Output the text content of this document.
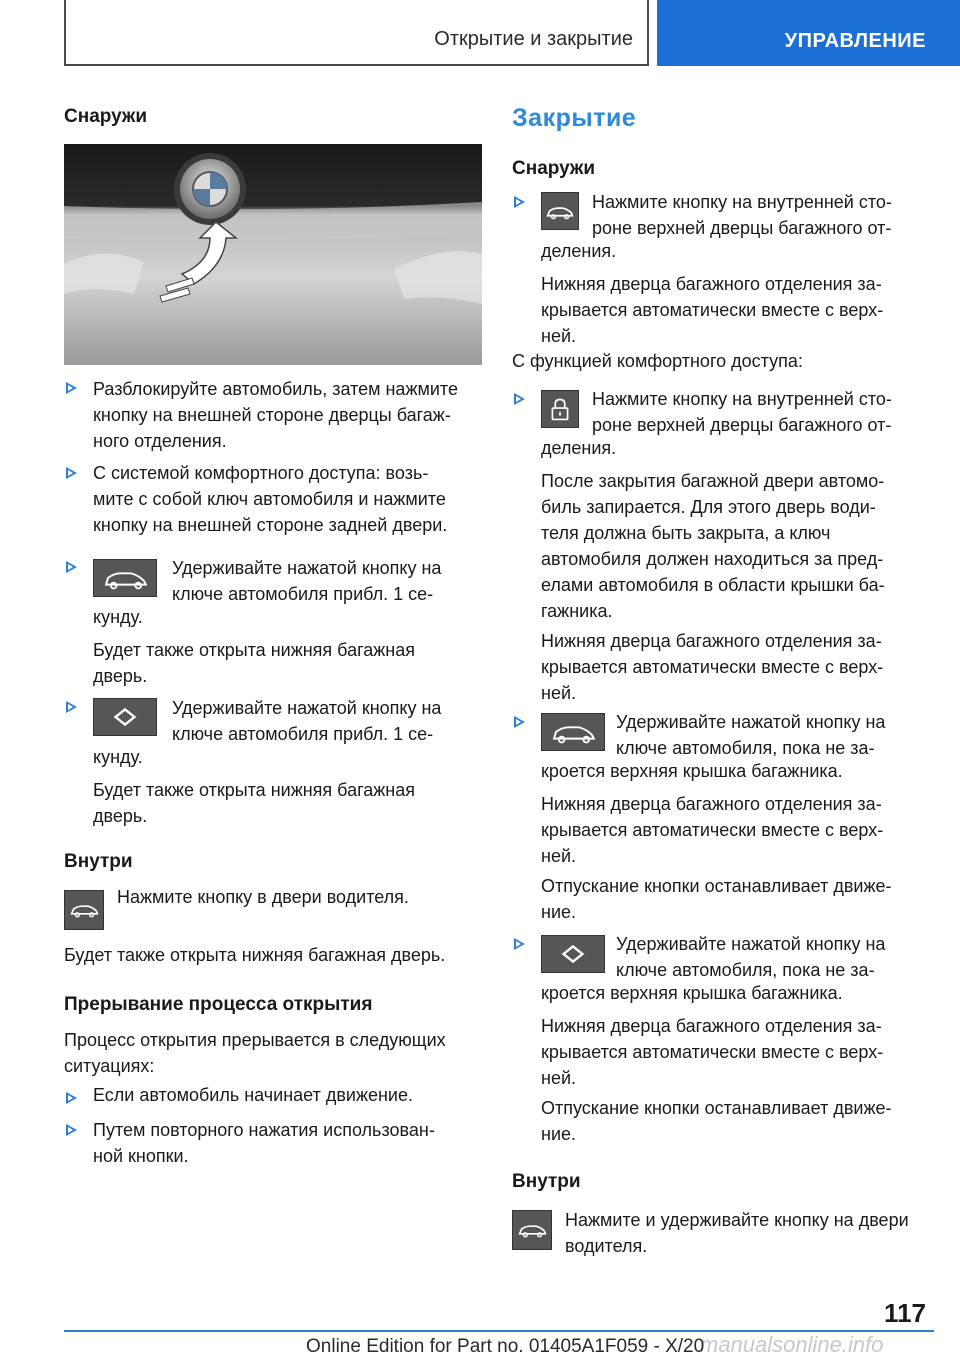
Открытие и закрытие	УПРАВЛЕНИЕ
Снаружи
Разблокируйте автомобиль, затем нажмите
кнопку на внешней стороне дверцы багаж-
ного отделения.
С системой комфортного доступа: возь-
мите с собой ключ автомобиля и нажмите
кнопку на внешней стороне задней двери.
Удерживайте нажатой кнопку на
ключе автомобиля прибл. 1 се-
кунду.
Будет также открыта нижняя багажная
дверь.
Удерживайте нажатой кнопку на
ключе автомобиля прибл. 1 се-
кунду.
Будет также открыта нижняя багажная
дверь.
Внутри
Нажмите кнопку в двери водителя.
Будет также открыта нижняя багажная дверь.
Прерывание процесса открытия
Процесс открытия прерывается в следующих
ситуациях:
Если автомобиль начинает движение.
Путем повторного нажатия использован-
ной кнопки.
Закрытие
Снаружи
Нажмите кнопку на внутренней сто-
роне верхней дверцы багажного от-
деления.
Нижняя дверца багажного отделения за-
крывается автоматически вместе с верх-
ней.
С функцией комфортного доступа:
Нажмите кнопку на внутренней сто-
роне верхней дверцы багажного от-
деления.
После закрытия багажной двери автомо-
биль запирается. Для этого дверь води-
теля должна быть закрыта, а ключ
автомобиля должен находиться за пред-
елами автомобиля в области крышки ба-
гажника.
Нижняя дверца багажного отделения за-
крывается автоматически вместе с верх-
ней.
Удерживайте нажатой кнопку на
ключе автомобиля, пока не за-
кроется верхняя крышка багажника.
Нижняя дверца багажного отделения за-
крывается автоматически вместе с верх-
ней.
Отпускание кнопки останавливает движе-
ние.
Удерживайте нажатой кнопку на
ключе автомобиля, пока не за-
кроется верхняя крышка багажника.
Нижняя дверца багажного отделения за-
крывается автоматически вместе с верх-
ней.
Отпускание кнопки останавливает движе-
ние.
Внутри
Нажмите и удерживайте кнопку на двери
водителя.
117
manualsonline.info
Online Edition for Part no. 01405A1F059 - X/20
